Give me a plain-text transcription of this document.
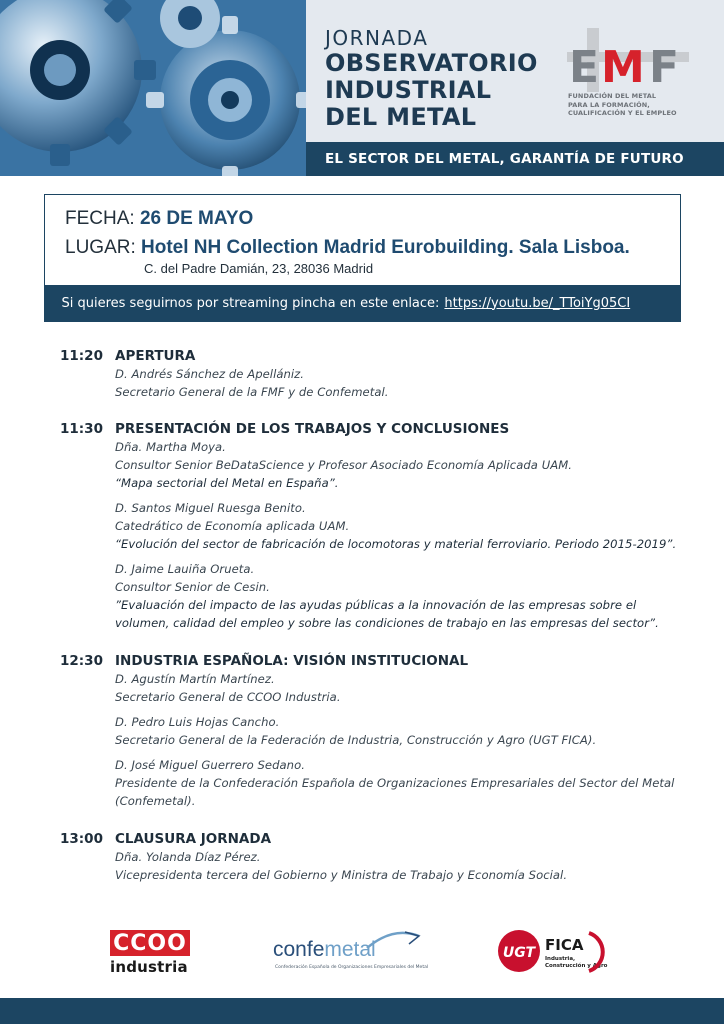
JORNADA
OBSERVATORIO
INDUSTRIAL
DEL METAL
E M F
FUNDACIÓN DEL METAL
PARA LA FORMACIÓN,
CUALIFICACIÓN Y EL EMPLEO
EL SECTOR DEL METAL, GARANTÍA DE FUTURO
FECHA: 26 DE MAYO
LUGAR: Hotel NH Collection Madrid Eurobuilding. Sala Lisboa.
C. del Padre Damián, 23, 28036 Madrid
Si quieres seguirnos por streaming pincha en este enlace: https://youtu.be/_TToiYg05CI
11:20 APERTURA
D. Andrés Sánchez de Apellániz.
Secretario General de la FMF y de Confemetal.
11:30 PRESENTACIÓN DE LOS TRABAJOS Y CONCLUSIONES
Dña. Martha Moya.
Consultor Senior BeDataScience y Profesor Asociado Economía Aplicada UAM.
“Mapa sectorial del Metal en España”.
D. Santos Miguel Ruesga Benito.
Catedrático de Economía aplicada UAM.
“Evolución del sector de fabricación de locomotoras y material ferroviario. Periodo 2015-2019”.
D. Jaime Lauiña Orueta.
Consultor Senior de Cesin.
”Evaluación del impacto de las ayudas públicas a la innovación de las empresas sobre el
volumen, calidad del empleo y sobre las condiciones de trabajo en las empresas del sector”.
12:30 INDUSTRIA ESPAÑOLA: VISIÓN INSTITUCIONAL
D. Agustín Martín Martínez.
Secretario General de CCOO Industria.
D. Pedro Luis Hojas Cancho.
Secretario General de la Federación de Industria, Construcción y Agro (UGT FICA).
D. José Miguel Guerrero Sedano.
Presidente de la Confederación Española de Organizaciones Empresariales del Sector del Metal
(Confemetal).
13:00 CLAUSURA JORNADA
Dña. Yolanda Díaz Pérez.
Vicepresidenta tercera del Gobierno y Ministra de Trabajo y Economía Social.
CCOO
industria
confemetal
Confederación Española de Organizaciones Empresariales del Metal
UGT FICA
Industria,
Construcción y Agro
